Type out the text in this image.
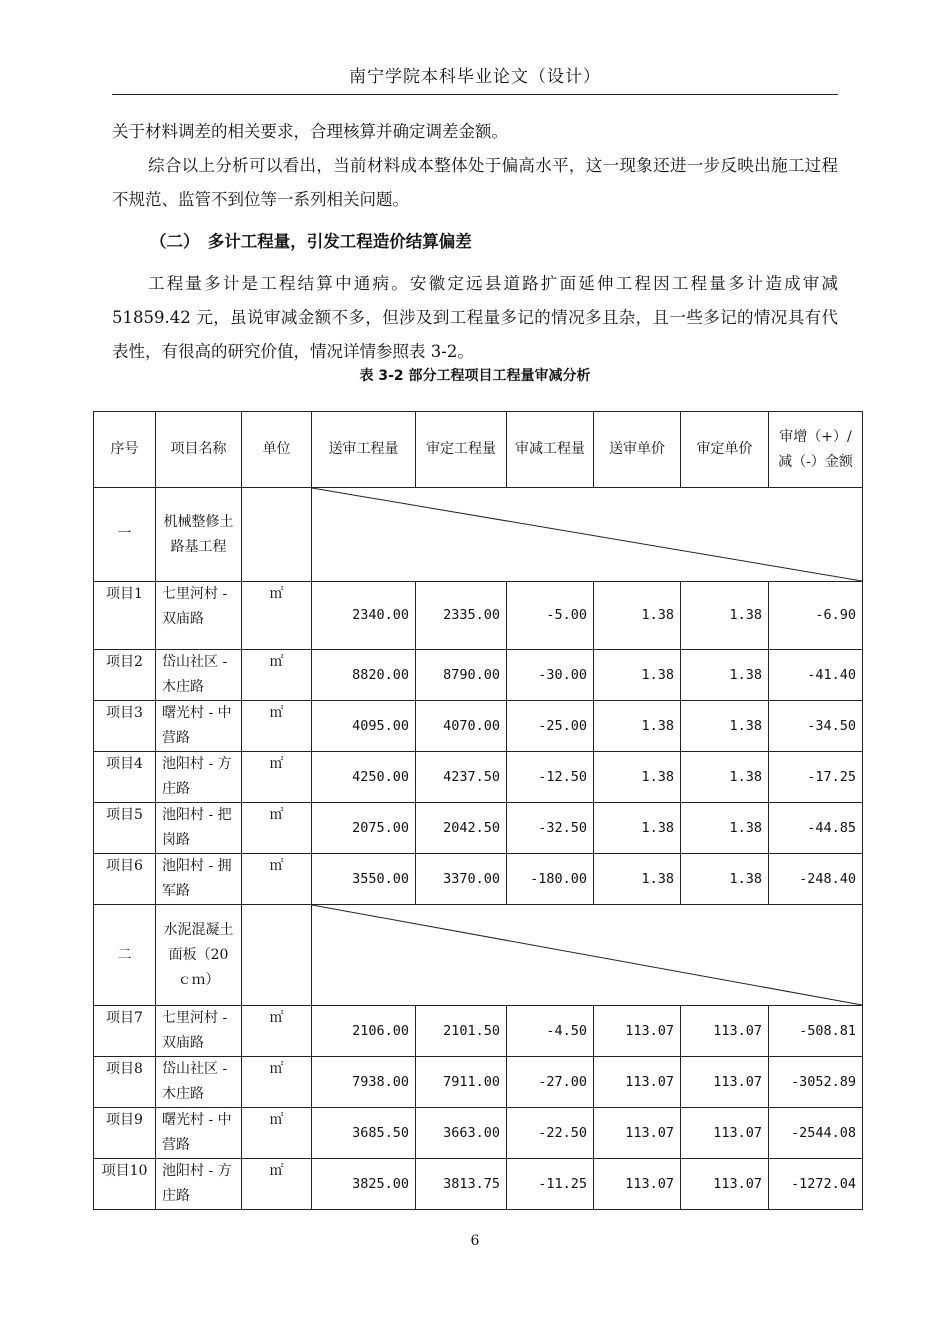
南宁学院本科毕业论文（设计）

关于材料调差的相关要求，合理核算并确定调差金额。

综合以上分析可以看出，当前材料成本整体处于偏高水平，这一现象还进一步反映出施工过程不规范、监管不到位等一系列相关问题。

（二）　多计工程量，引发工程造价结算偏差

工程量多计是工程结算中通病。安徽定远县道路扩面延伸工程因工程量多计造成审减 51859.42 元，虽说审减金额不多，但涉及到工程量多记的情况多且杂，且一些多记的情况具有代表性，有很高的研究价值，情况详情参照表 3-2。

表 3-2 部分工程项目工程量审减分析
序号	项目名称	单位	送审工程量	审定工程量	审减工程量	送审单价	审定单价	审增（+）/减（-）金额
一	机械整修土路基工程		

项目1	七里河村 - 双庙路	㎡	2340.00	2335.00	-5.00	1.38	1.38	-6.90
项目2	岱山社区 - 木庄路	㎡	8820.00	8790.00	-30.00	1.38	1.38	-41.40
项目3	曙光村 - 中营路	㎡	4095.00	4070.00	-25.00	1.38	1.38	-34.50
项目4	池阳村 - 方庄路	㎡	4250.00	4237.50	-12.50	1.38	1.38	-17.25
项目5	池阳村 - 把岗路	㎡	2075.00	2042.50	-32.50	1.38	1.38	-44.85
项目6	池阳村 - 拥军路	㎡	3550.00	3370.00	-180.00	1.38	1.38	-248.40
二	水泥混凝土面板（20ｃｍ）		

项目7	七里河村 - 双庙路	㎡	2106.00	2101.50	-4.50	113.07	113.07	-508.81
项目8	岱山社区 - 木庄路	㎡	7938.00	7911.00	-27.00	113.07	113.07	-3052.89
项目9	曙光村 - 中营路	㎡	3685.50	3663.00	-22.50	113.07	113.07	-2544.08
项目10	池阳村 - 方庄路	㎡	3825.00	3813.75	-11.25	113.07	113.07	-1272.04
6
